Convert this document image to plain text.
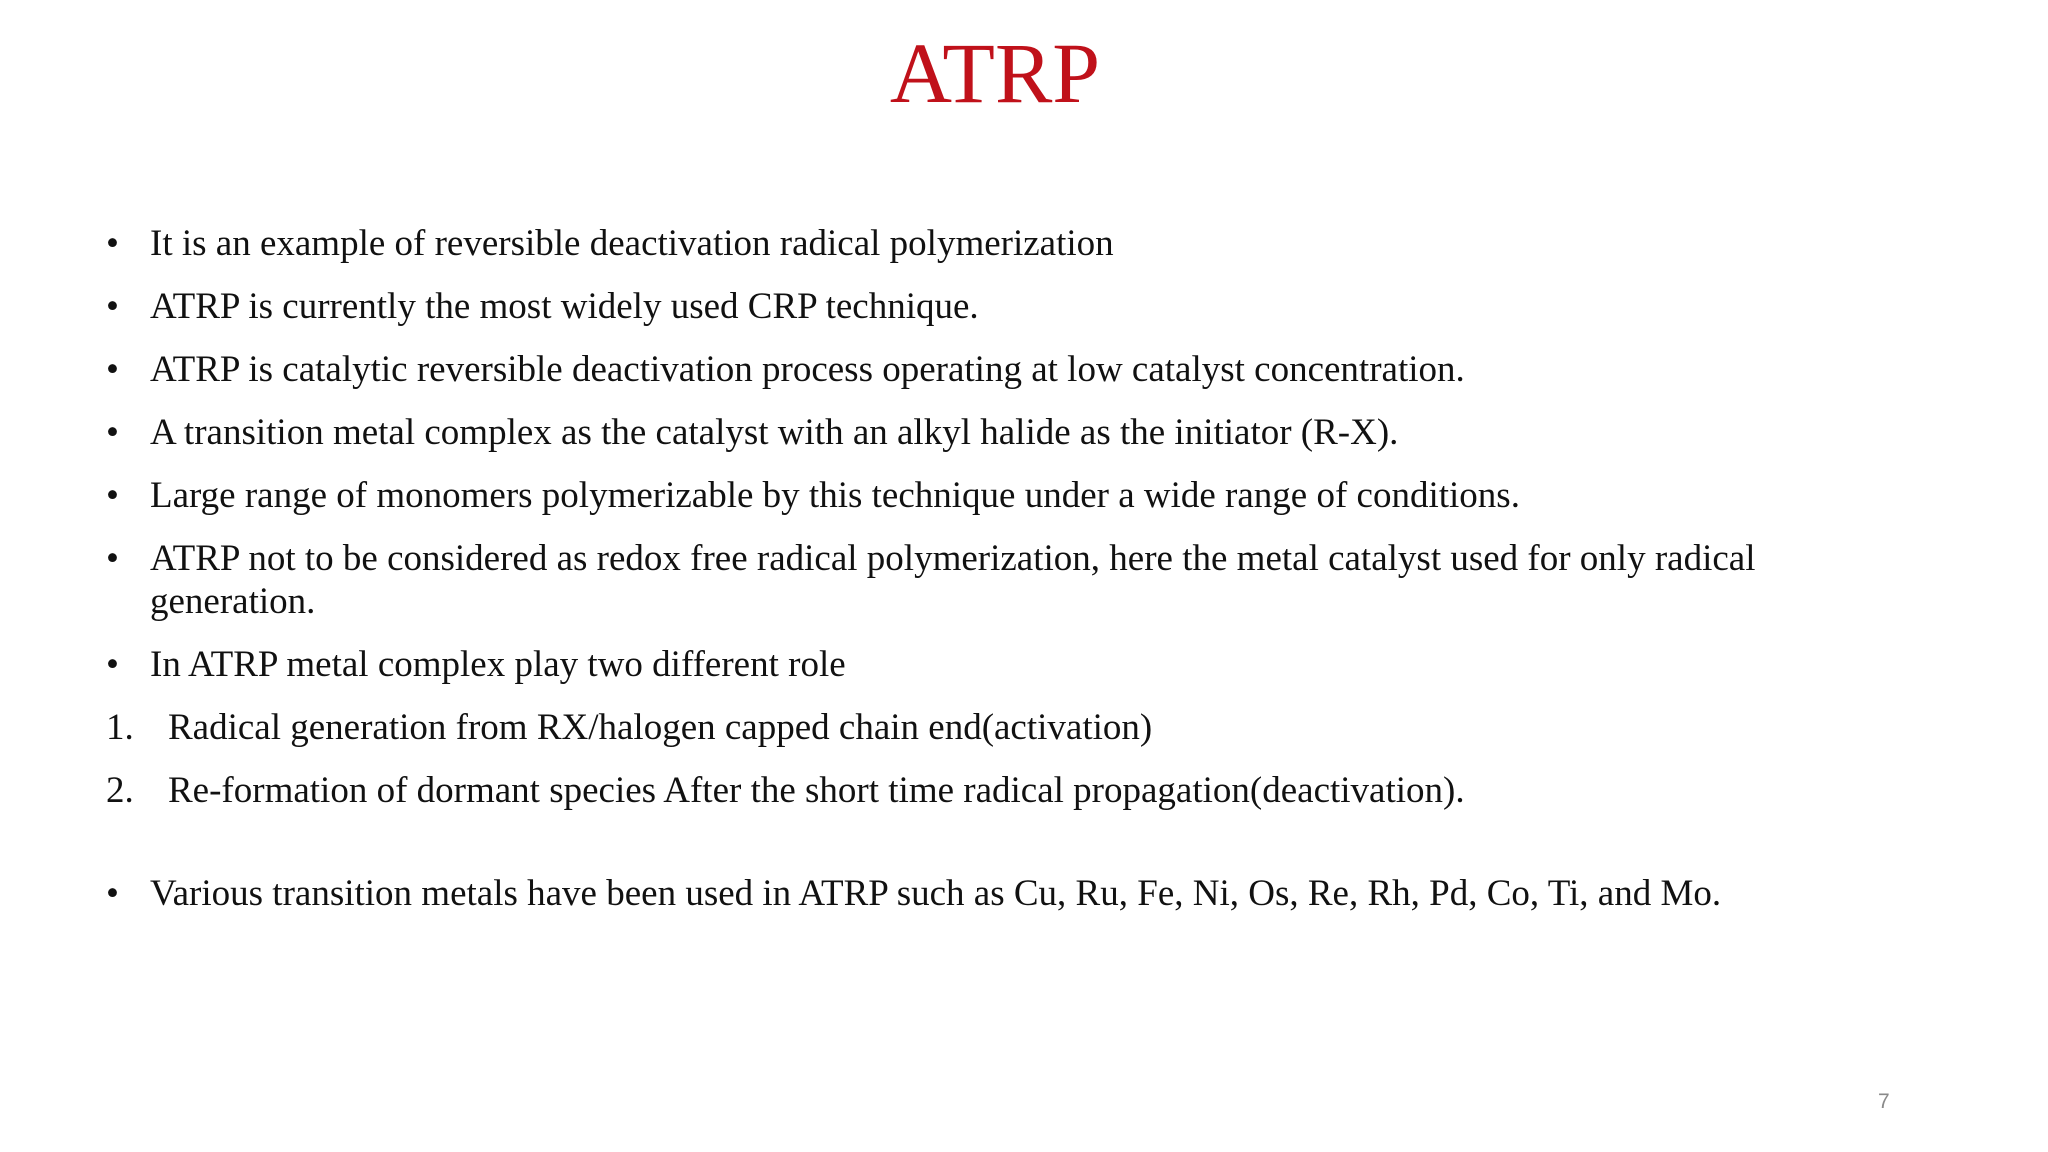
ATRP
• It is an example of reversible deactivation radical polymerization
• ATRP is currently the most widely used CRP technique.
• ATRP is catalytic reversible deactivation process operating at low catalyst concentration.
• A transition metal complex as the catalyst with an alkyl halide as the initiator (R-X).
• Large range of monomers polymerizable by this technique under a wide range of conditions.
• ATRP not to be considered as redox free radical polymerization, here the metal catalyst used for only radical generation.
• In ATRP metal complex play two different role
1. Radical generation from RX/halogen capped chain end(activation)
2. Re-formation of dormant species After the short time radical propagation(deactivation).
• Various transition metals have been used in ATRP such as Cu, Ru, Fe, Ni, Os, Re, Rh, Pd, Co, Ti, and Mo.
7
